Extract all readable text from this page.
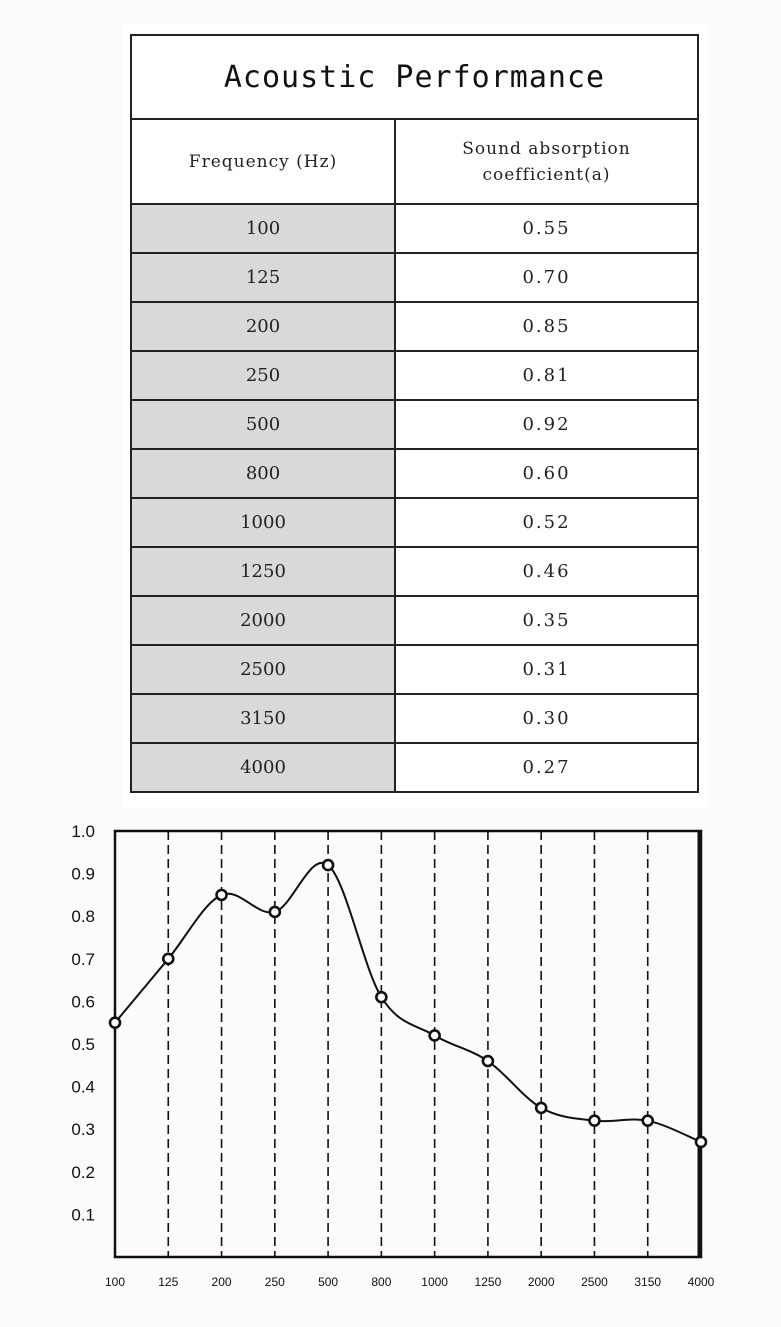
Acoustic Performance	
Frequency (Hz)	Sound absorption
coefficient(a)

100	0.55
125	0.70
200	0.85
250	0.81
500	0.92
800	0.60
1000	0.52
1250	0.46
2000	0.35
2500	0.31
3150	0.30
4000	0.27
0.1
0.2
0.3
0.4
0.5
0.6
0.7
0.8
0.9
1.0
100	125	200	250	500	800 1000 1250 2000 2500 3150 4000
